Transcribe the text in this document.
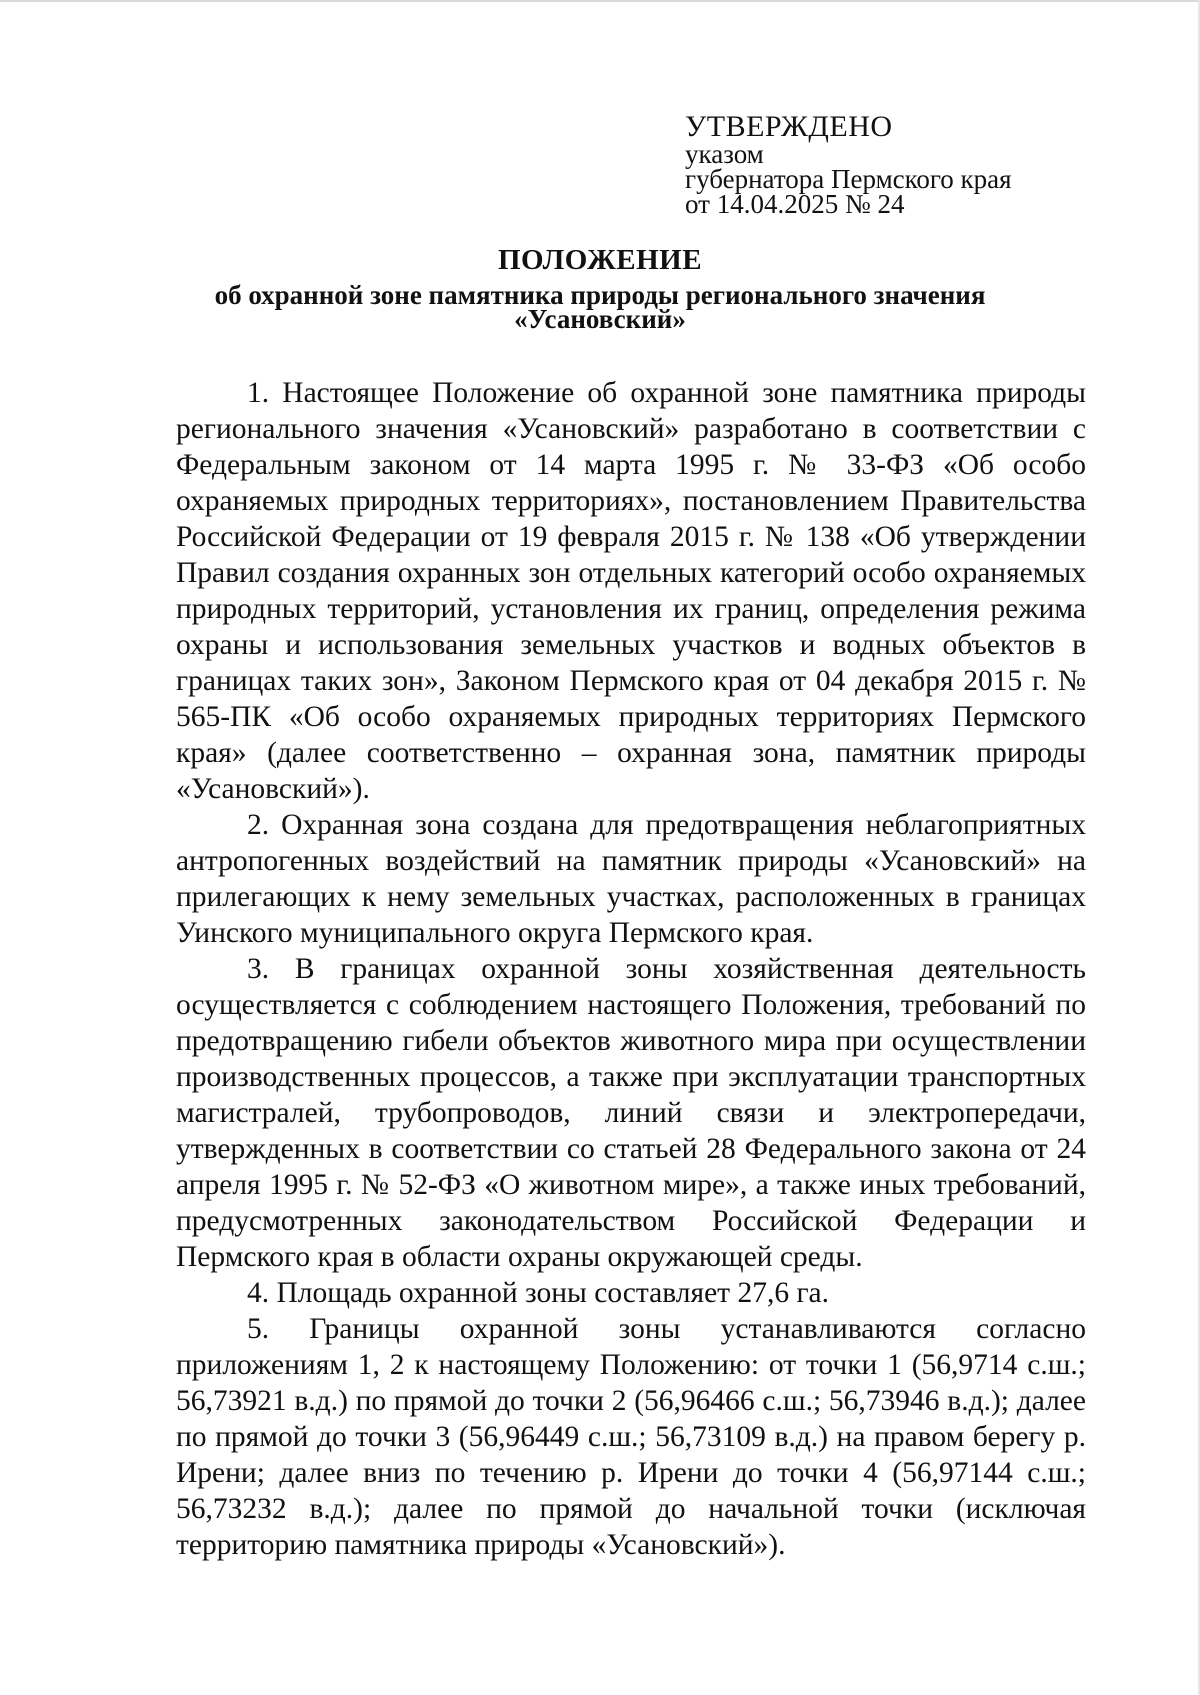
УТВЕРЖДЕНО
указом
губернатора Пермского края
от 14.04.2025 № 24
ПОЛОЖЕНИЕ
об охранной зоне памятника природы регионального значения
«Усановский»

1. Настоящее Положение об охранной зоне памятника природы регионального значения «Усановский» разработано в соответствии с Федеральным законом от 14 марта 1995 г. № 33-ФЗ «Об особо охраняемых природных территориях», постановлением Правительства Российской Федерации от 19 февраля 2015 г. № 138 «Об утверждении Правил создания охранных зон отдельных категорий особо охраняемых природных территорий, установления их границ, определения режима охраны и использования земельных участков и водных объектов в границах таких зон», Законом Пермского края от 04 декабря 2015 г. № 565-ПК «Об особо охраняемых природных территориях Пермского края» (далее соответственно – охранная зона, памятник природы «Усановский»).

2. Охранная зона создана для предотвращения неблагоприятных антропогенных воздействий на памятник природы «Усановский» на прилегающих к нему земельных участках, расположенных в границах Уинского муниципального округа Пермского края.

3. В границах охранной зоны хозяйственная деятельность осуществляется с соблюдением настоящего Положения, требований по предотвращению гибели объектов животного мира при осуществлении производственных процессов, а также при эксплуатации транспортных магистралей, трубопроводов, линий связи и электропередачи, утвержденных в соответствии со статьей 28 Федерального закона от 24 апреля 1995 г. № 52-ФЗ «О животном мире», а также иных требований, предусмотренных законодательством Российской Федерации и Пермского края в области охраны окружающей среды.

4. Площадь охранной зоны составляет 27,6 га.

5. Границы охранной зоны устанавливаются согласно приложениям 1, 2 к настоящему Положению: от точки 1 (56,9714 с.ш.; 56,73921 в.д.) по прямой до точки 2 (56,96466 с.ш.; 56,73946 в.д.); далее по прямой до точки 3 (56,96449 с.ш.; 56,73109 в.д.) на правом берегу р. Ирени; далее вниз по течению р. Ирени до точки 4 (56,97144 с.ш.; 56,73232 в.д.); далее по прямой до начальной точки (исключая территорию памятника природы «Усановский»).
